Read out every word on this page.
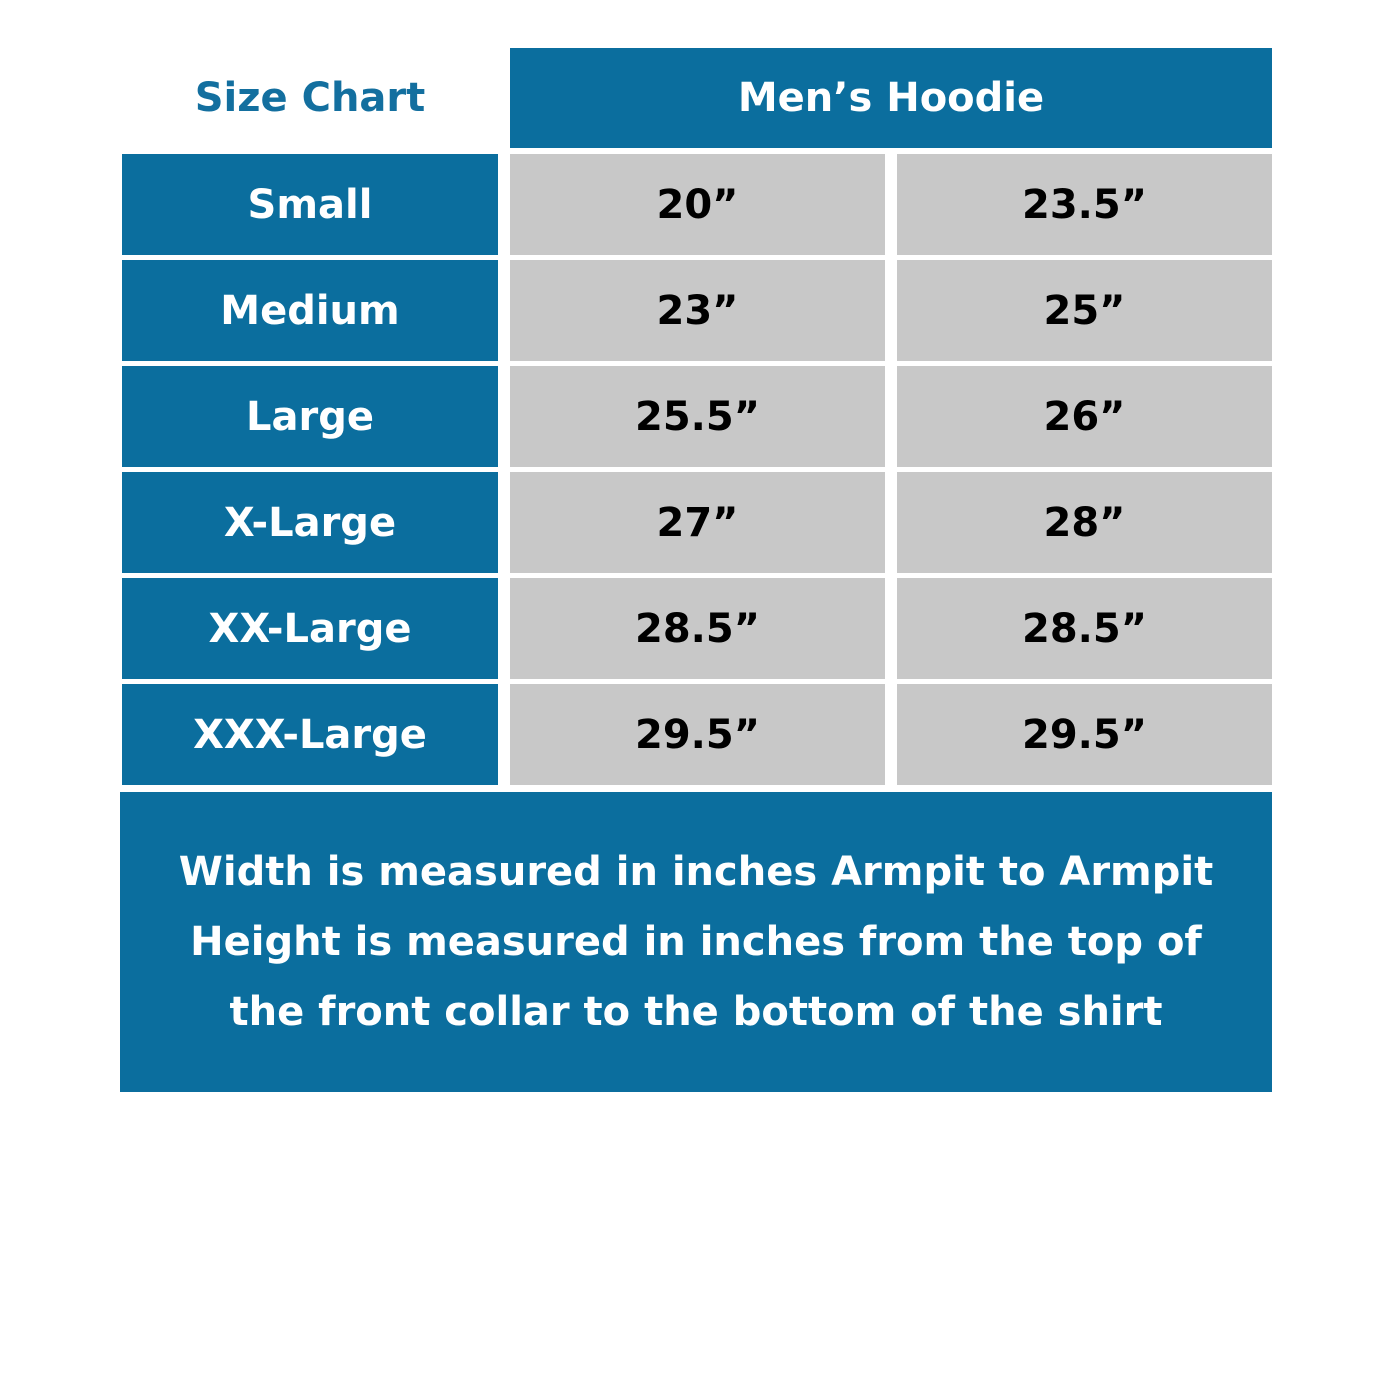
Size Chart	Men’s Hoodie
Small	20”	23.5”
Medium	23”	25”
Large	25.5”	26”
X-Large	27”	28”
XX-Large	28.5”	28.5”
XXX-Large	29.5”	29.5”
Width is measured in inches Armpit to Armpit
Height is measured in inches from the top of
the front collar to the bottom of the shirt
